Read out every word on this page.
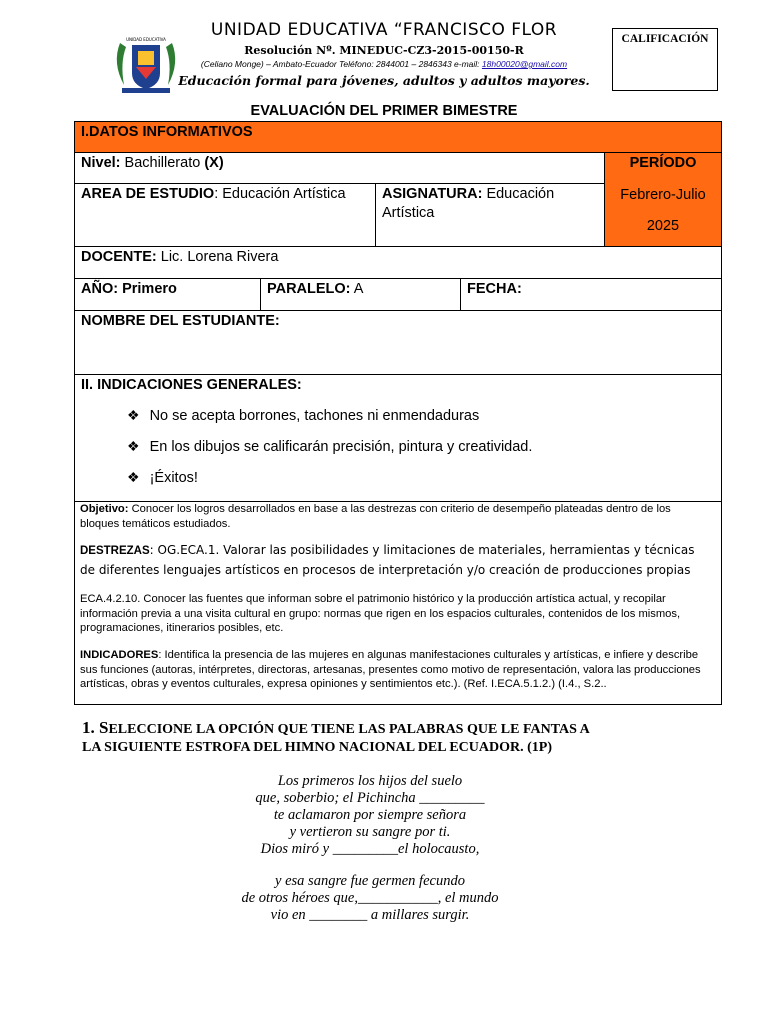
UNIDAD EDUCATIVA “FRANCISCO FLOR
Resolución Nº. MINEDUC-CZ3-2015-00150-R
(Celiano Monge) – Ambato-Ecuador Teléfono: 2844001 – 2846343 e-mail: 18h00020@gmail.com
Educación formal para jóvenes, adultos y adultos mayores.
UNIDAD EDUCATIVA	CALIFICACIÓN
EVALUACIÓN DEL PRIMER BIMESTRE
I.DATOS INFORMATIVOS
Nivel: Bachillerato (X)	PERÍODO
Febrero-Julio
2025
AREA DE ESTUDIO: Educación Artística	ASIGNATURA: Educación Artística
DOCENTE: Lic. Lorena Rivera
AÑO: Primero	PARALELO: A	FECHA:
NOMBRE DEL ESTUDIANTE:
II. INDICACIONES GENERALES:
❖ No se acepta borrones, tachones ni enmendaduras
❖ En los dibujos se calificarán precisión, pintura y creatividad.
❖ ¡Éxitos!
Objetivo: Conocer los logros desarrollados en base a las destrezas con criterio de desempeño plateadas dentro de los bloques temáticos estudiados.
DESTREZAS: OG.ECA.1. Valorar las posibilidades y limitaciones de materiales, herramientas y técnicas de diferentes lenguajes artísticos en procesos de interpretación y/o creación de producciones propias
ECA.4.2.10. Conocer las fuentes que informan sobre el patrimonio histórico y la producción artística actual, y recopilar información previa a una visita cultural en grupo: normas que rigen en los espacios culturales, contenidos de los mismos, programaciones, itinerarios posibles, etc.
INDICADORES: Identifica la presencia de las mujeres en algunas manifestaciones culturales y artísticas, e infiere y describe sus funciones (autoras, intérpretes, directoras, artesanas, presentes como motivo de representación, valora las producciones artísticas, obras y eventos culturales, expresa opiniones y sentimientos etc.). (Ref. I.ECA.5.1.2.) (I.4., S.2..
1. SELECCIONE LA OPCIÓN QUE TIENE LAS PALABRAS QUE LE FANTAS A
LA SIGUIENTE ESTROFA DEL HIMNO NACIONAL DEL ECUADOR. (1P)
Los primeros los hijos del suelo
que, soberbio; el Pichincha _________
te aclamaron por siempre señora
y vertieron su sangre por ti.
Dios miró y _________el holocausto,
y esa sangre fue germen fecundo
de otros héroes que,___________, el mundo
vio en ________ a millares surgir.
